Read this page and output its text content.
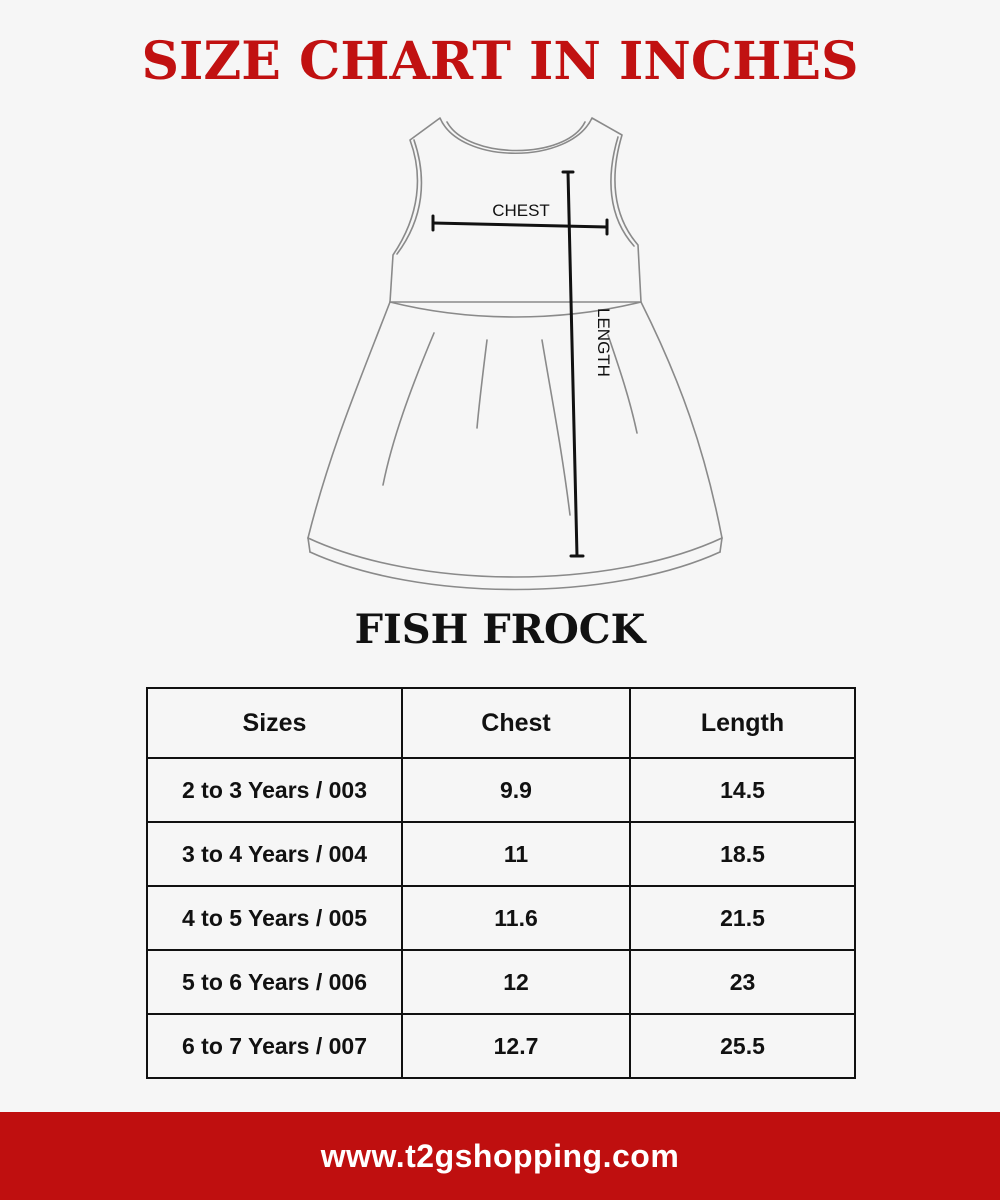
SIZE CHART IN INCHES
CHEST
LENGTH
FISH FROCK
Sizes	Chest	Length
2 to 3 Years / 003	9.9	14.5
3 to 4 Years / 004	11	18.5
4 to 5 Years / 005	11.6	21.5
5 to 6 Years / 006	12	23
6 to 7 Years / 007	12.7	25.5
www.t2gshopping.com
